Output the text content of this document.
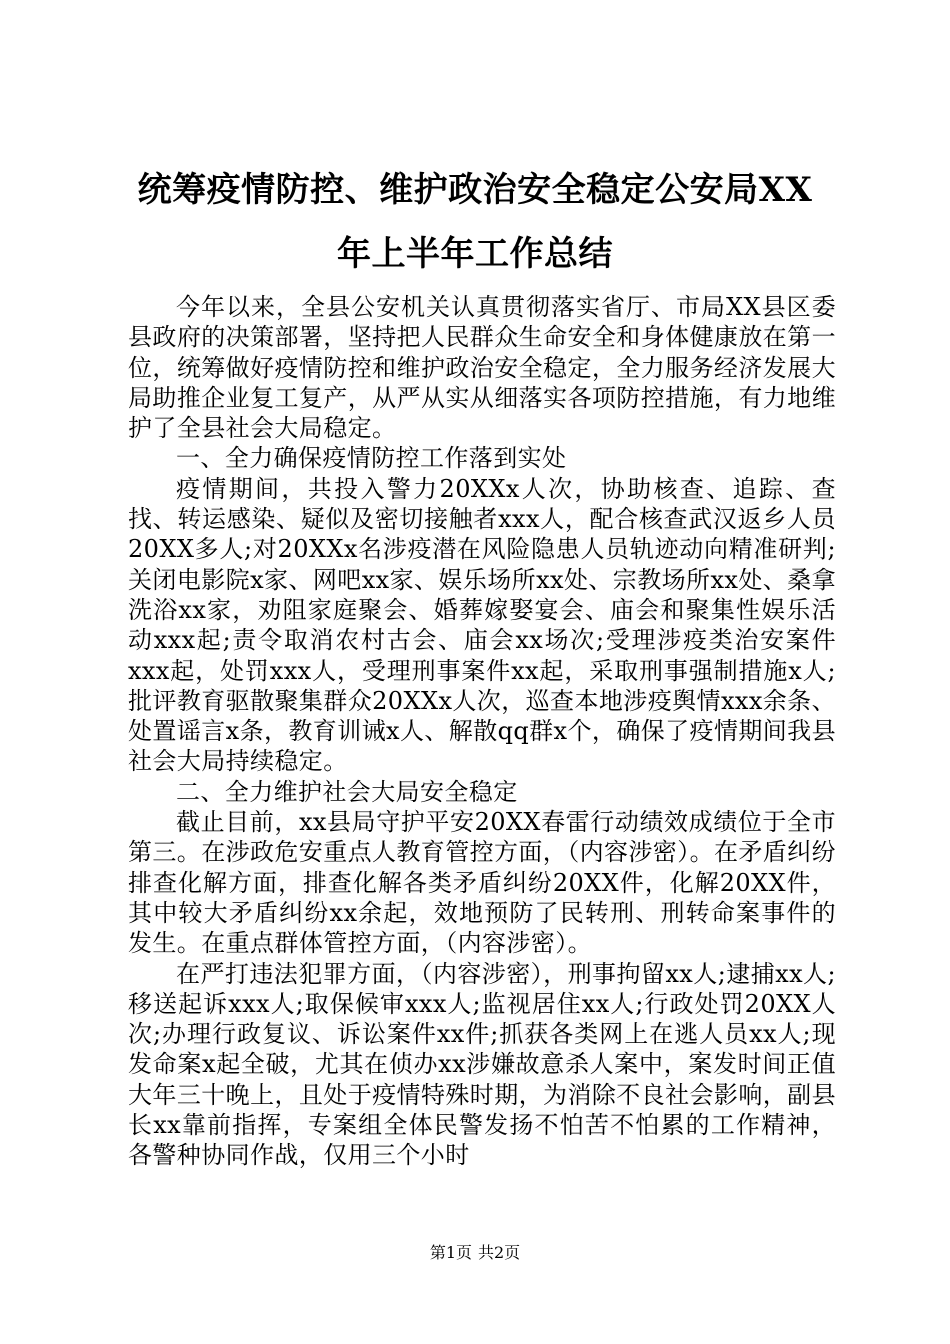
统筹疫情防控、维护政治安全稳定公安局XX
年上半年工作总结

今年以来，全县公安机关认真贯彻落实省厅、市局XX县区委县政府的决策部署，坚持把人民群众生命安全和身体健康放在第一位，统筹做好疫情防控和维护政治安全稳定，全力服务经济发展大局助推企业复工复产，从严从实从细落实各项防控措施，有力地维护了全县社会大局稳定。

一、全力确保疫情防控工作落到实处

疫情期间，共投入警力20XXx人次，协助核查、追踪、查找、转运感染、疑似及密切接触者xxx人，配合核查武汉返乡人员20XX多人;对20XXx名涉疫潜在风险隐患人员轨迹动向精准研判;关闭电影院x家、网吧xx家、娱乐场所xx处、宗教场所xx处、桑拿洗浴xx家，劝阻家庭聚会、婚葬嫁娶宴会、庙会和聚集性娱乐活动xxx起;责令取消农村古会、庙会xx场次;受理涉疫类治安案件xxx起，处罚xxx人，受理刑事案件xx起，采取刑事强制措施x人;批评教育驱散聚集群众20XXx人次，巡查本地涉疫舆情xxx余条、处置谣言x条，教育训诫x人、解散qq群x个，确保了疫情期间我县社会大局持续稳定。

二、全力维护社会大局安全稳定

截止目前，xx县局守护平安20XX春雷行动绩效成绩位于全市第三。在涉政危安重点人教育管控方面，（内容涉密）。在矛盾纠纷排查化解方面，排查化解各类矛盾纠纷20XX件，化解20XX件，其中较大矛盾纠纷xx余起，效地预防了民转刑、刑转命案事件的发生。在重点群体管控方面，（内容涉密）。

在严打违法犯罪方面，（内容涉密），刑事拘留xx人;逮捕xx人;移送起诉xxx人;取保候审xxx人;监视居住xx人;行政处罚20XX人次;办理行政复议、诉讼案件xx件;抓获各类网上在逃人员xx人;现发命案x起全破，尤其在侦办xx涉嫌故意杀人案中，案发时间正值大年三十晚上，且处于疫情特殊时期，为消除不良社会影响，副县长xx靠前指挥，专案组全体民警发扬不怕苦不怕累的工作精神，各警种协同作战，仅用三个小时

第1页 共2页
